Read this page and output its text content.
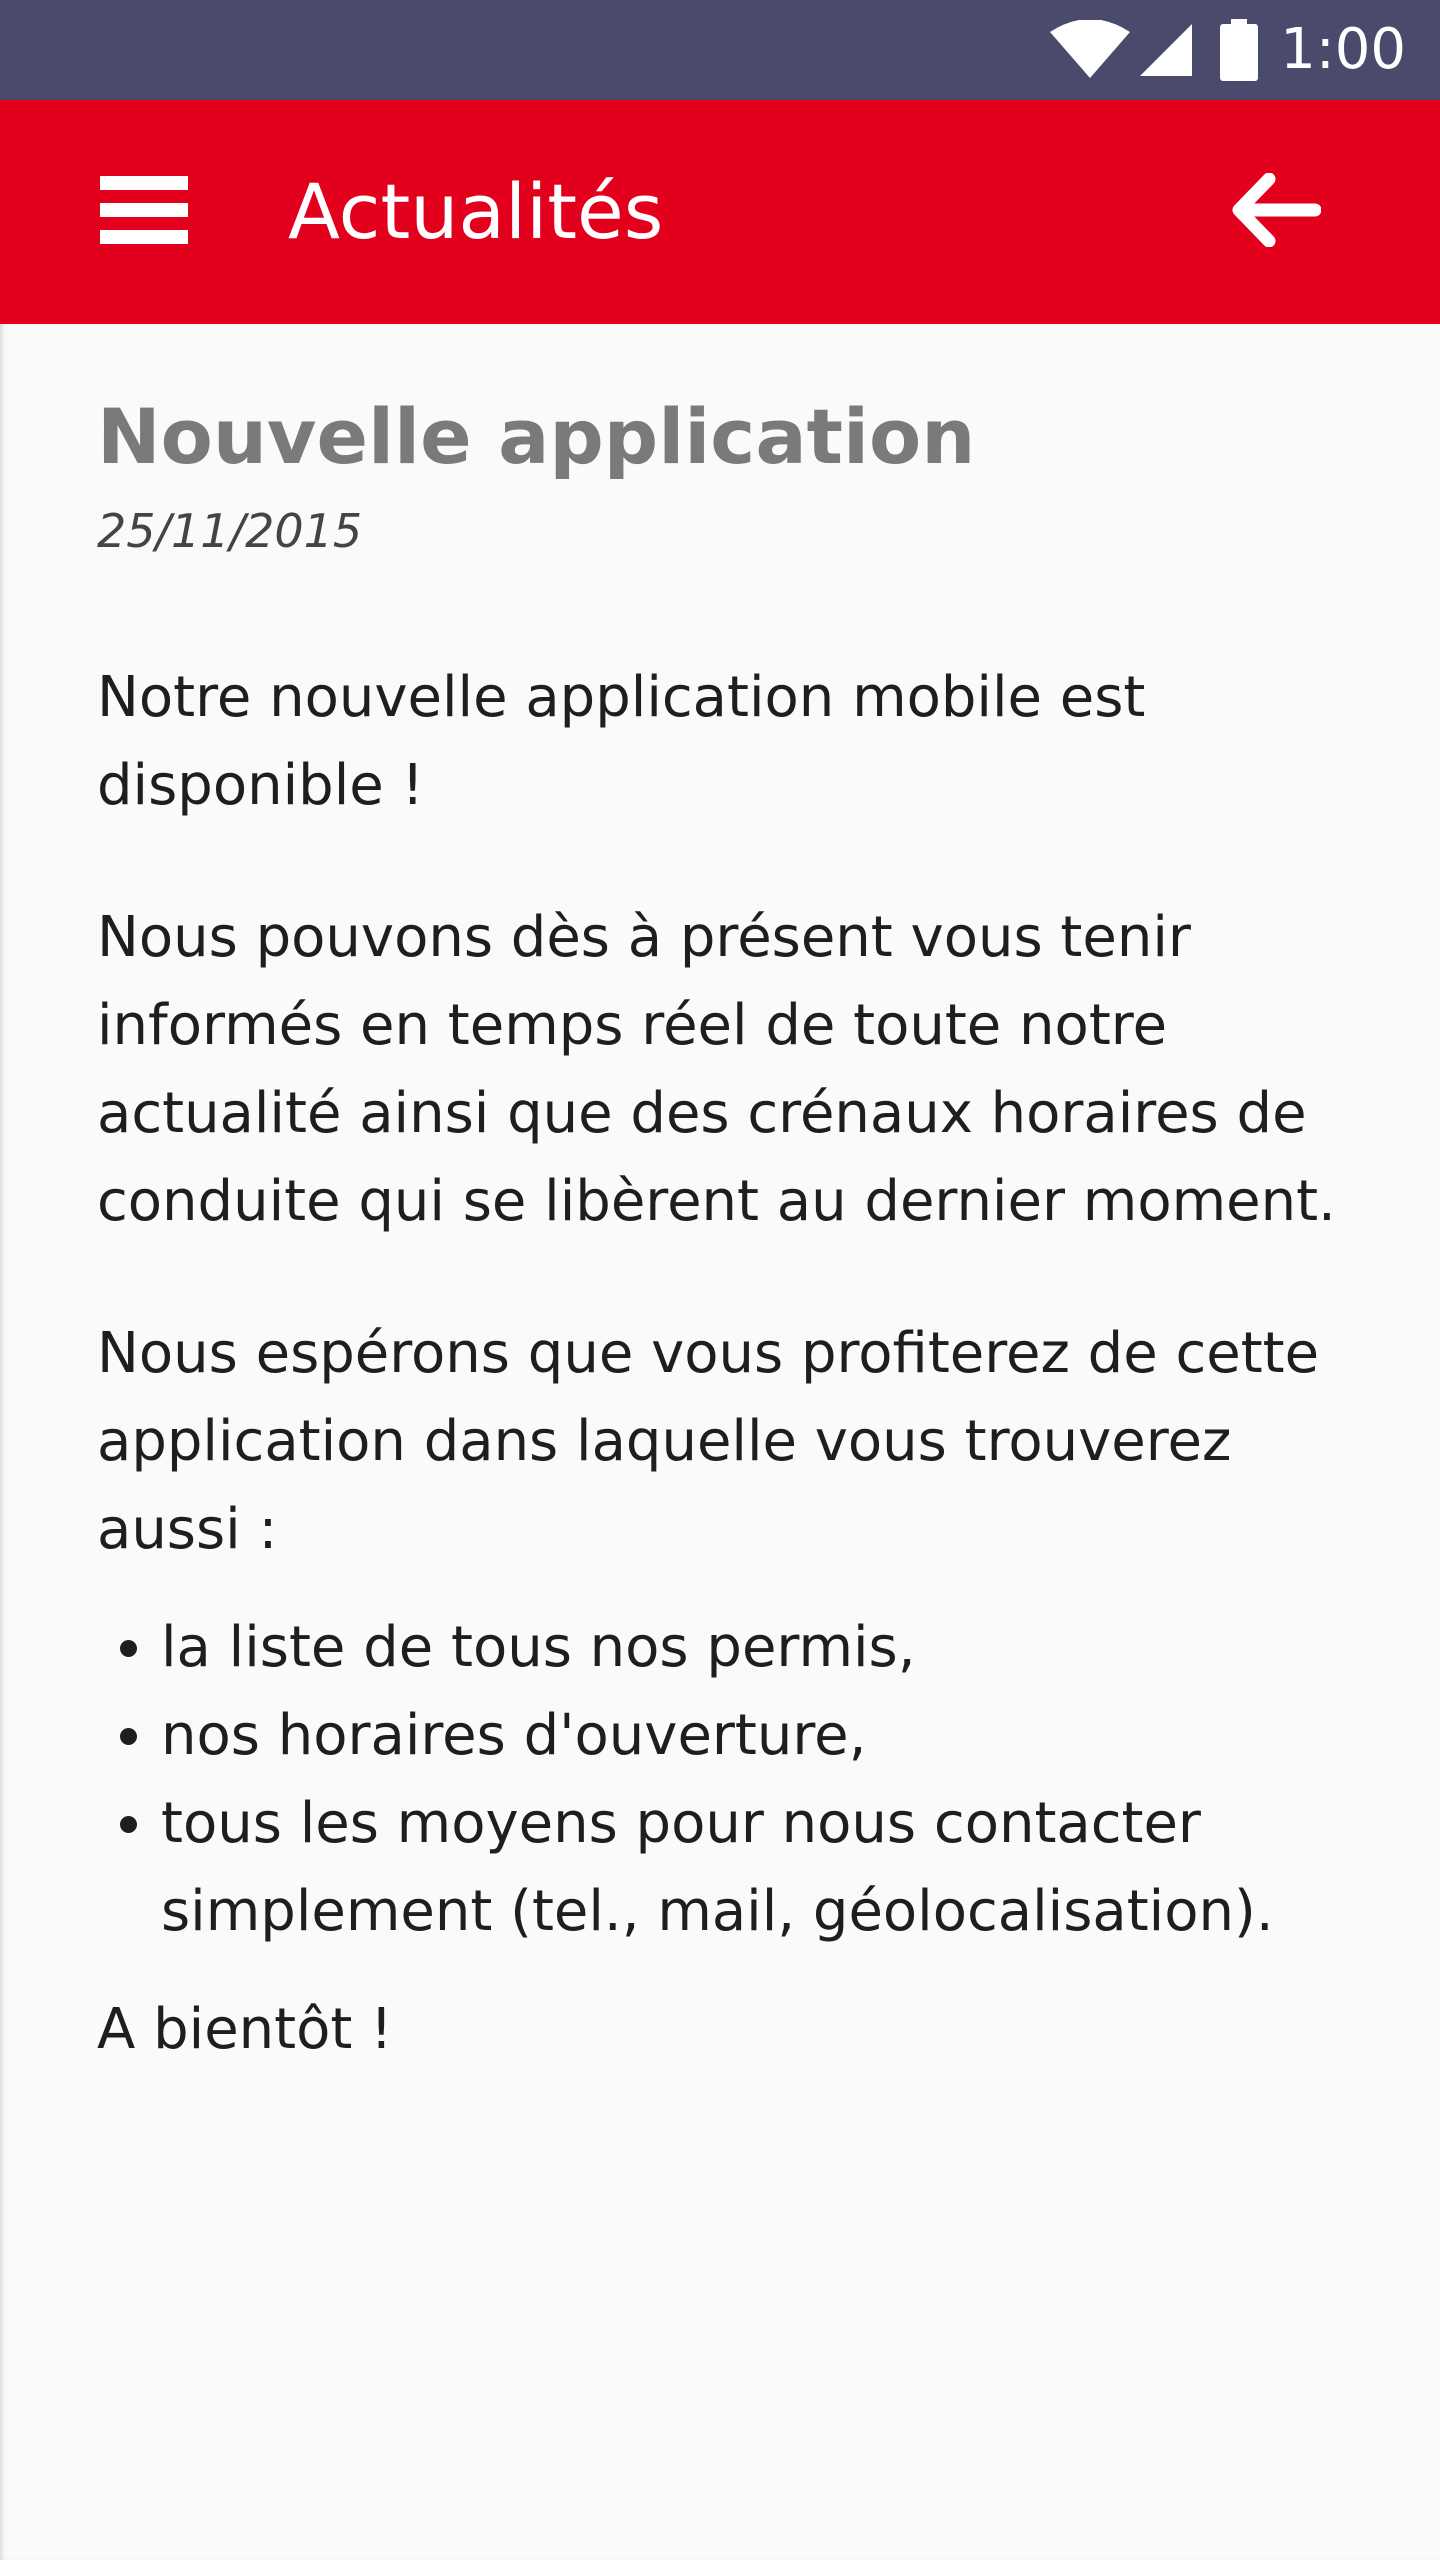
1:00
Actualités
Nouvelle application
25/11/2015

Notre nouvelle application mobile est disponible !

Nous pouvons dès à présent vous tenir informés en temps réel de toute notre actualité ainsi que des crénaux horaires de conduite qui se libèrent au dernier moment.

Nous espérons que vous profiterez de cette application dans laquelle vous trouverez aussi :

• la liste de tous nos permis,
• nos horaires d'ouverture,
• tous les moyens pour nous contacter simplement (tel., mail, géolocalisation).

A bientôt !
